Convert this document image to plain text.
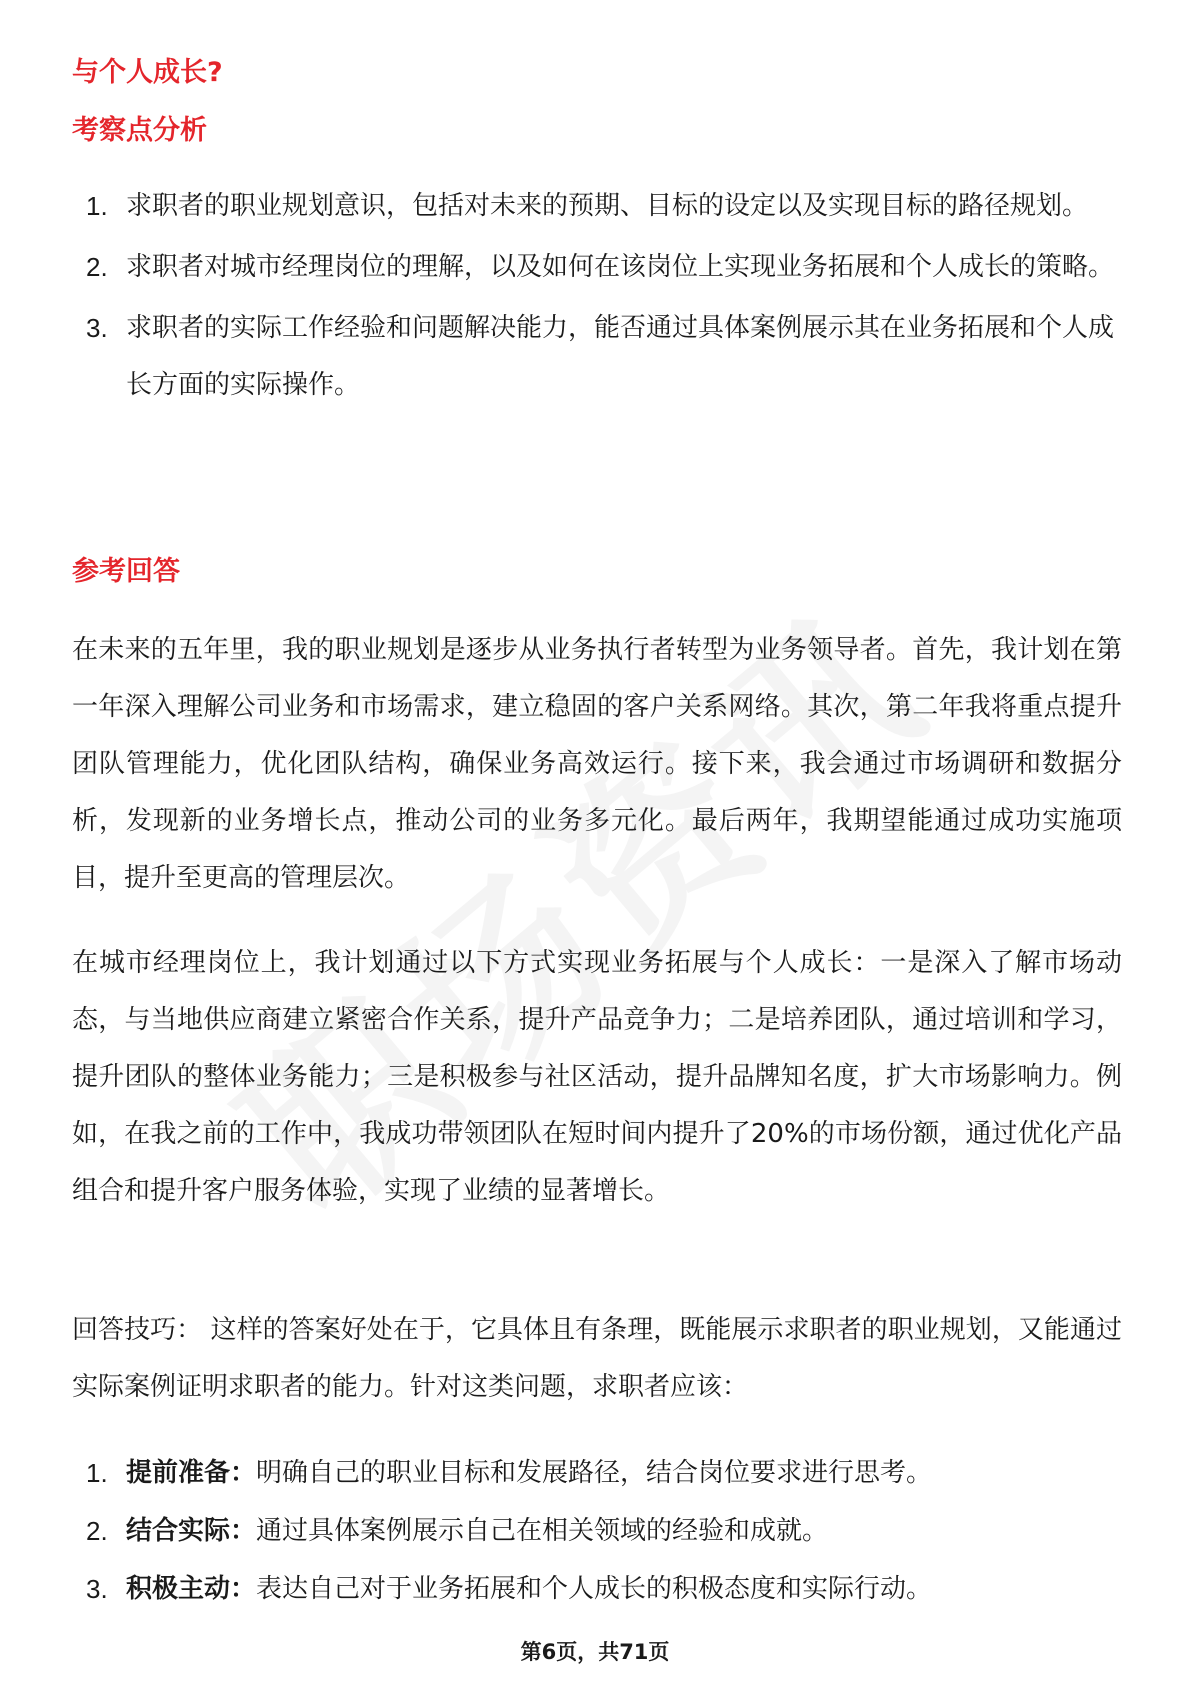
与个人成长?
考察点分析
1. 求职者的职业规划意识，包括对未来的预期、目标的设定以及实现目标的路径规划。
2. 求职者对城市经理岗位的理解，以及如何在该岗位上实现业务拓展和个人成长的策略。
3. 求职者的实际工作经验和问题解决能力，能否通过具体案例展示其在业务拓展和个人成长方面的实际操作。
参考回答

在未来的五年里，我的职业规划是逐步从业务执行者转型为业务领导者。首先，我计划在第一年深入理解公司业务和市场需求，建立稳固的客户关系网络。其次，第二年我将重点提升团队管理能力，优化团队结构，确保业务高效运行。接下来，我会通过市场调研和数据分析，发现新的业务增长点，推动公司的业务多元化。最后两年，我期望能通过成功实施项目，提升至更高的管理层次。

在城市经理岗位上，我计划通过以下方式实现业务拓展与个人成长：一是深入了解市场动态，与当地供应商建立紧密合作关系，提升产品竞争力；二是培养团队，通过培训和学习，提升团队的整体业务能力；三是积极参与社区活动，提升品牌知名度，扩大市场影响力。例如，在我之前的工作中，我成功带领团队在短时间内提升了20%的市场份额，通过优化产品组合和提升客户服务体验，实现了业绩的显著增长。

回答技巧： 这样的答案好处在于，它具体且有条理，既能展示求职者的职业规划，又能通过实际案例证明求职者的能力。针对这类问题，求职者应该：

1. 提前准备：明确自己的职业目标和发展路径，结合岗位要求进行思考。
2. 结合实际：通过具体案例展示自己在相关领域的经验和成就。
3. 积极主动：表达自己对于业务拓展和个人成长的积极态度和实际行动。
第6页，共71页
